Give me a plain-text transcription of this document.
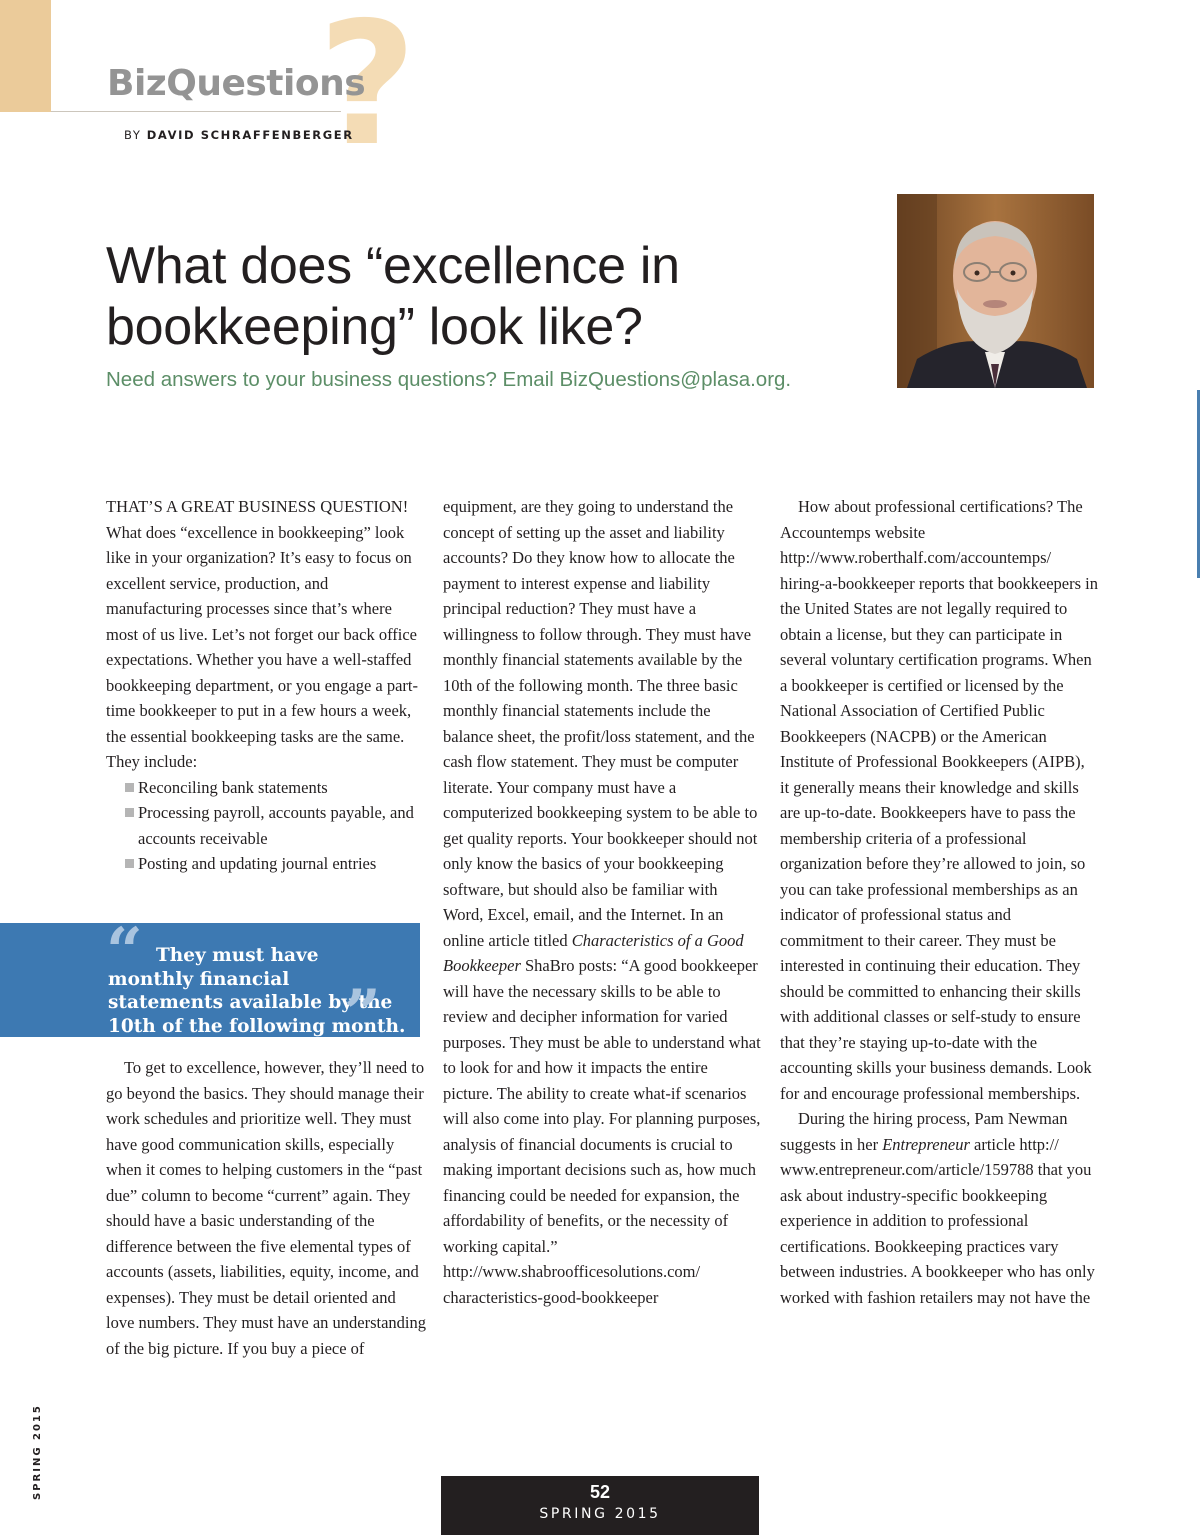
?
BizQuestions
BY DAVID SCHRAFFENBERGER
What does “excellence in bookkeeping” look like?
Need answers to your business questions? Email BizQuestions@plasa.org.

THAT’S A GREAT BUSINESS QUESTION! What does “excellence in bookkeeping” look like in your organization? It’s easy to focus on excellent service, production, and manufacturing processes since that’s where most of us live. Let’s not forget our back office expectations. Whether you have a well-staffed bookkeeping department, or you engage a part-time bookkeeper to put in a few hours a week, the essential bookkeeping tasks are the same. They include:

Reconciling bank statements
Processing payroll, accounts payable, and accounts receivable
Posting and updating journal entries
“ They must have monthly financial statements available by the 10th of the following month.
”

To get to excellence, however, they’ll need to go beyond the basics. They should manage their work schedules and prioritize well. They must have good communication skills, especially when it comes to helping customers in the “past due” column to become “current” again. They should have a basic understanding of the difference between the five elemental types of accounts (assets, liabilities, equity, income, and expenses). They must be detail oriented and love numbers. They must have an understanding of the big picture. If you buy a piece of

equipment, are they going to understand the concept of setting up the asset and liability accounts? Do they know how to allocate the payment to interest expense and liability principal reduction? They must have a willingness to follow through. They must have monthly financial statements available by the 10th of the following month. The three basic monthly financial statements include the balance sheet, the profit/loss statement, and the cash flow statement. They must be computer literate. Your company must have a computerized bookkeeping system to be able to get quality reports. Your bookkeeper should not only know the basics of your bookkeeping software, but should also be familiar with Word, Excel, email, and the Internet. In an online article titled Characteristics of a Good Bookkeeper ShaBro posts: “A good bookkeeper will have the necessary skills to be able to review and decipher information for varied purposes. They must be able to understand what to look for and how it impacts the entire picture. The ability to create what-if scenarios will also come into play. For planning purposes, analysis of financial documents is crucial to making important decisions such as, how much financing could be needed for expansion, the affordability of benefits, or the necessity of working capital.”

http://www.shabroofficesolutions.com/

characteristics-good-bookkeeper

How about professional certifications? The Accountemps website

http://www.roberthalf.com/accountemps/

hiring-a-bookkeeper reports that bookkeepers in the United States are not legally required to obtain a license, but they can participate in several voluntary certification programs. When a bookkeeper is certified or licensed by the National Association of Certified Public Bookkeepers (NACPB) or the American Institute of Professional Bookkeepers (AIPB), it generally means their knowledge and skills are up-to-date. Bookkeepers have to pass the membership criteria of a professional organization before they’re allowed to join, so you can take professional memberships as an indicator of professional status and commitment to their career. They must be interested in continuing their education. They should be committed to enhancing their skills with additional classes or self-study to ensure that they’re staying up-to-date with the accounting skills your business demands. Look for and encourage professional memberships.

During the hiring process, Pam Newman suggests in her Entrepreneur article http:// www.entrepreneur.com/article/159788 that you ask about industry-specific bookkeeping experience in addition to professional certifications. Bookkeeping practices vary between industries. A bookkeeper who has only worked with fashion retailers may not have the

SPRING 2015	52
SPRING 2015
